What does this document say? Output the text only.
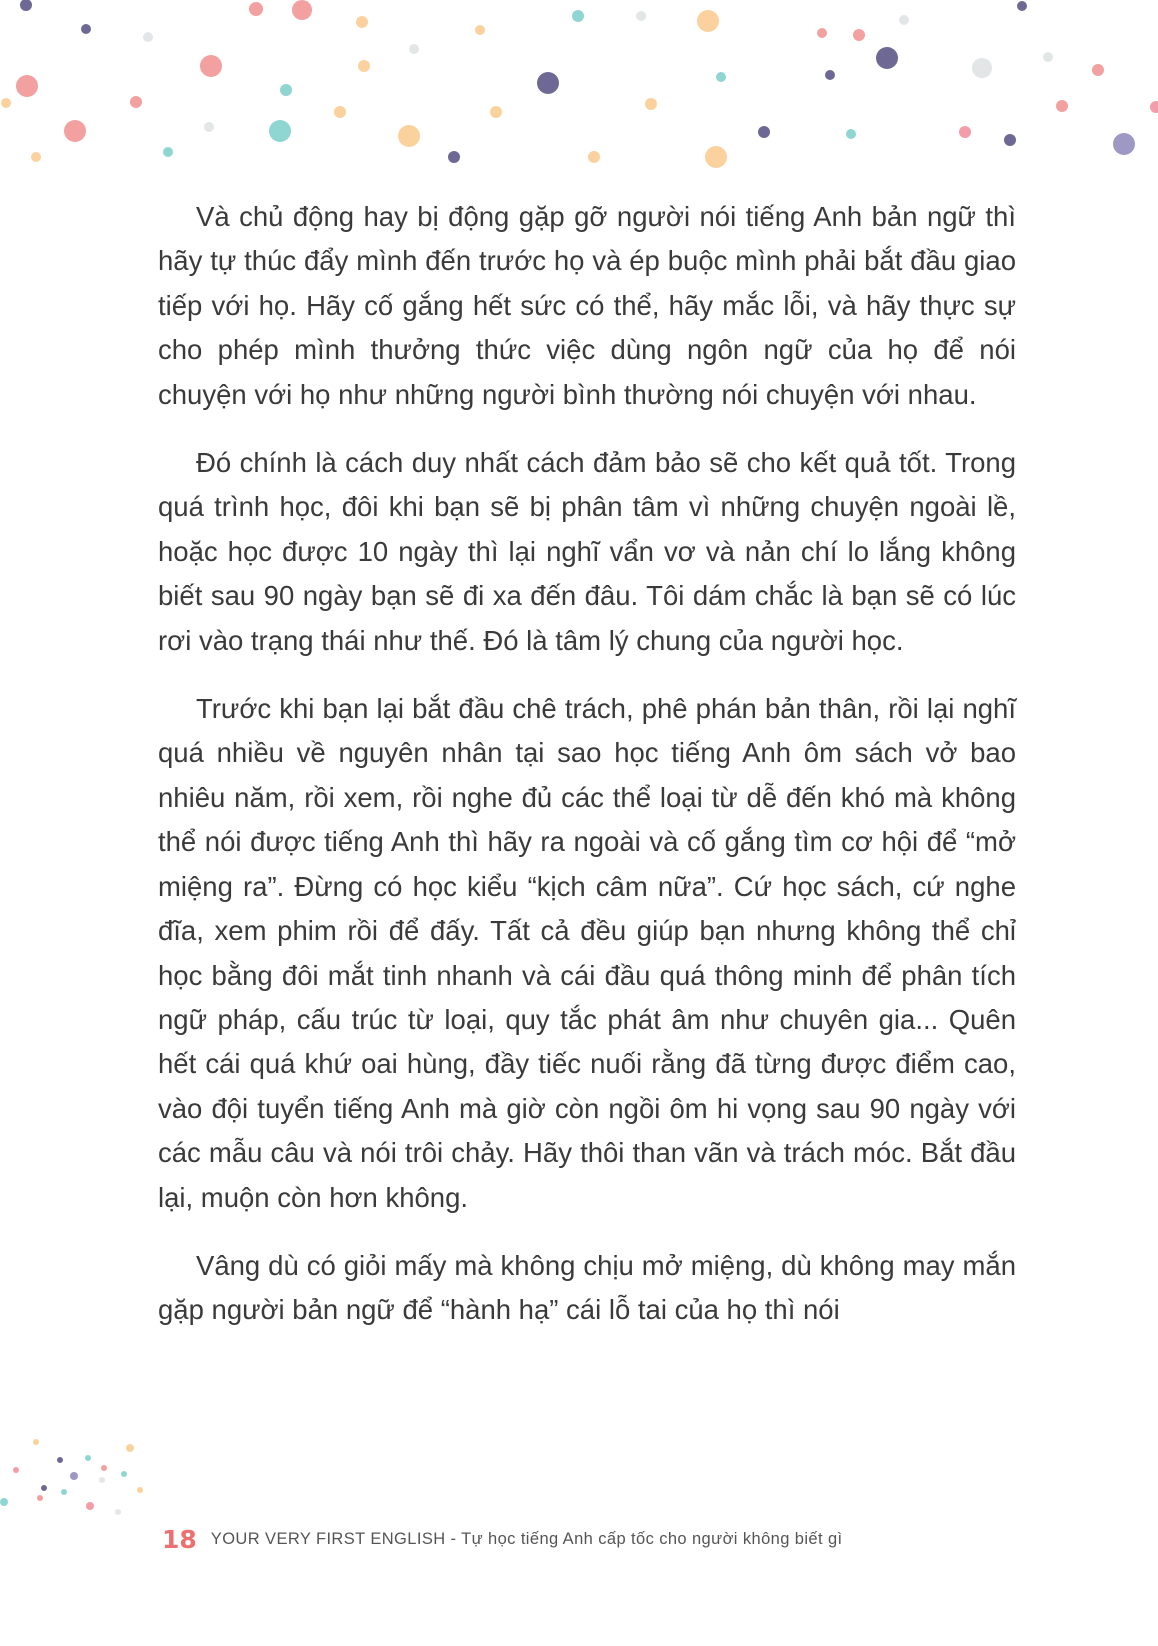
Và chủ động hay bị động gặp gỡ người nói tiếng Anh bản ngữ thì hãy tự thúc đẩy mình đến trước họ và ép buộc mình phải bắt đầu giao tiếp với họ. Hãy cố gắng hết sức có thể, hãy mắc lỗi, và hãy thực sự cho phép mình thưởng thức việc dùng ngôn ngữ của họ để nói chuyện với họ như những người bình thường nói chuyện với nhau.

Đó chính là cách duy nhất cách đảm bảo sẽ cho kết quả tốt. Trong quá trình học, đôi khi bạn sẽ bị phân tâm vì những chuyện ngoài lề, hoặc học được 10 ngày thì lại nghĩ vẩn vơ và nản chí lo lắng không biết sau 90 ngày bạn sẽ đi xa đến đâu. Tôi dám chắc là bạn sẽ có lúc rơi vào trạng thái như thế. Đó là tâm lý chung của người học.

Trước khi bạn lại bắt đầu chê trách, phê phán bản thân, rồi lại nghĩ quá nhiều về nguyên nhân tại sao học tiếng Anh ôm sách vở bao nhiêu năm, rồi xem, rồi nghe đủ các thể loại từ dễ đến khó mà không thể nói được tiếng Anh thì hãy ra ngoài và cố gắng tìm cơ hội để “mở miệng ra”. Đừng có học kiểu “kịch câm nữa”. Cứ học sách, cứ nghe đĩa, xem phim rồi để đấy. Tất cả đều giúp bạn nhưng không thể chỉ học bằng đôi mắt tinh nhanh và cái đầu quá thông minh để phân tích ngữ pháp, cấu trúc từ loại, quy tắc phát âm như chuyên gia... Quên hết cái quá khứ oai hùng, đầy tiếc nuối rằng đã từng được điểm cao, vào đội tuyển tiếng Anh mà giờ còn ngồi ôm hi vọng sau 90 ngày với các mẫu câu và nói trôi chảy. Hãy thôi than vãn và trách móc. Bắt đầu lại, muộn còn hơn không.

Vâng dù có giỏi mấy mà không chịu mở miệng, dù không may mắn gặp người bản ngữ để “hành hạ” cái lỗ tai của họ thì nói

18 YOUR VERY FIRST ENGLISH - Tự học tiếng Anh cấp tốc cho người không biết gì
